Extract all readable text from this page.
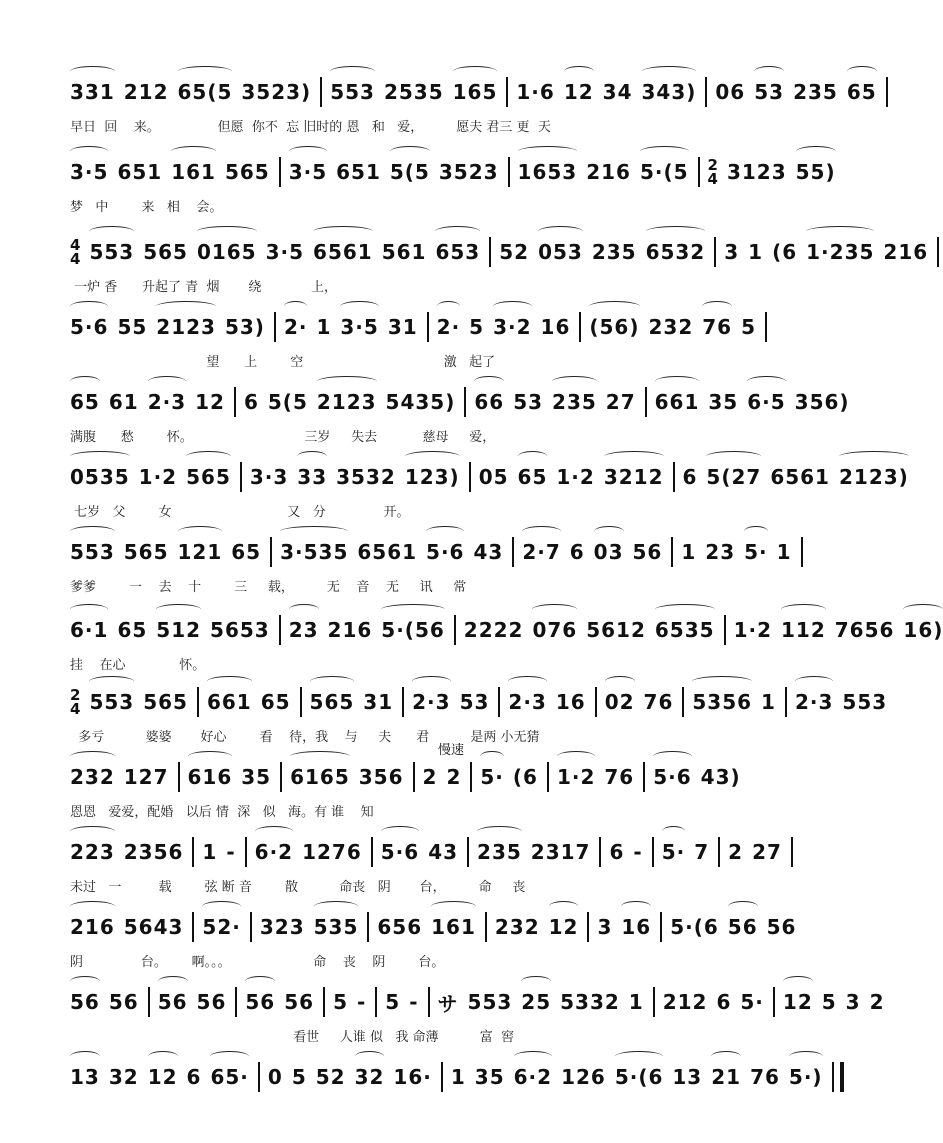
331 212 65(5 3523) 553 2535 165 1·6 12 34 343) 06 53 235 65
早日  回    来。              但愿  你不  忘 旧时的 恩   和   爱，        愿夫 君三 更  天
3·5 651 161 565 3·5 651 5(5 3523 1653 216 5·(5 2
4 3123 55)
梦   中        来   相    会。
4
4 553 565 0165 3·5 6561 561 653 52 053 235 6532 3 1 (6 1·235 216
一炉 香      升起了 青  烟       绕            上，
5·6 55 2123 53) 2· 1 3·5 31 2· 5 3·2 16 (56) 232 76 5
望      上        空                                  激   起了
65 61 2·3 12 6 5(5 2123 5435) 66 53 235 27 661 35 6·5 356)
满腹      愁        怀。                           三岁     失去           慈母     爱，
0535 1·2 565 3·3 33 3532 123) 05 65 1·2 3212 6 5(27 6561 2123)
七岁   父        女                            又   分              开。
553 565 121 65 3·535 6561 5·6 43 2·7 6 03 56 1 23 5· 1
爹爹        一    去    十        三     载，        无    音    无     讯     常
6·1 65 512 5653 23 216 5·(56 2222 076 5612 6535 1·2 112 7656 16)
挂    在心             怀。
2
4 553 565 661 65 565 31 2·3 53 2·3 16 02 76 5356 1 2·3 553
多亏          婆婆       好心        看    待，我    与     夫      君          是两 小无猜
232 127 616 35 6165 356 2 2 5· (6 1·2 76 5·6 43)
恩恩   爱爱，配婚   以后 情  深   似   海。有 谁    知
慢速
223 2356 1 - 6·2 1276 5·6 43 235 2317 6 - 5· 7 2 27
未过   一         载        弦 断 音        散          命丧   阴       台，        命     丧
216 5643 52· 323 535 656 161 232 12 3 16 5·(6 56 56
阴              台。      啊。。。                    命    丧    阴        台。
56 56 56 56 56 56 5 - 5 - サ 553 25 5332 1 212 6 5· 12 5 3 2
看世     人谁 似   我 命薄          富  窖
13 32 12 6 65· 0 5 52 32 16· 1 35 6·2 126 5·(6 13 21 76 5·)
